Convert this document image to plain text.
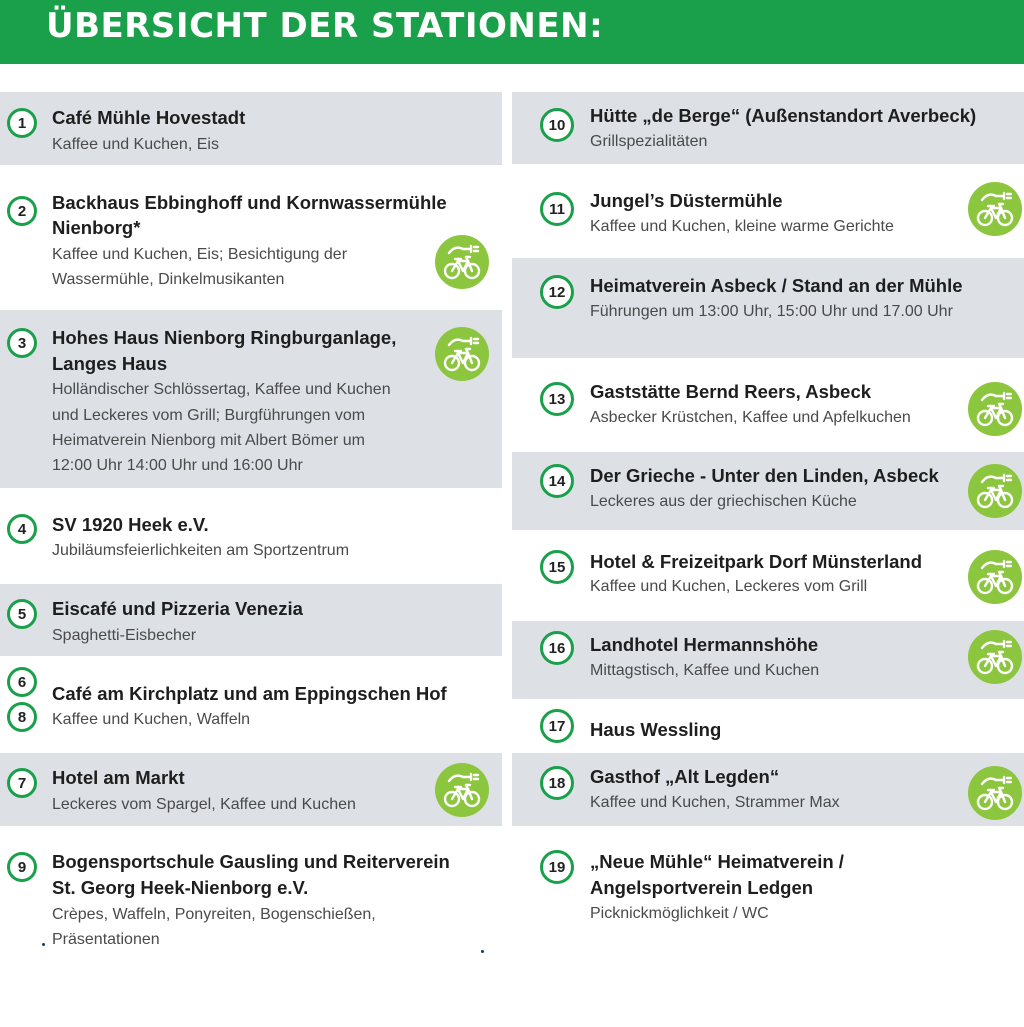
ÜBERSICHT DER STATIONEN:
1	Café Mühle Hovestadt
Kaffee und Kuchen, Eis
2	Backhaus Ebbinghoff und Kornwassermühle
Nienborg*
Kaffee und Kuchen, Eis; Besichtigung der
Wassermühle, Dinkelmusikanten
3	Hohes Haus Nienborg Ringburganlage,
Langes Haus
Holländischer Schlössertag, Kaffee und Kuchen
und Leckeres vom Grill; Burgführungen vom
Heimatverein Nienborg mit Albert Bömer um
12:00 Uhr 14:00 Uhr und 16:00 Uhr
4	SV 1920 Heek e.V.
Jubiläumsfeierlichkeiten am Sportzentrum
5	Eiscafé und Pizzeria Venezia
Spaghetti-Eisbecher
6
8
Café am Kirchplatz und am Eppingschen Hof
Kaffee und Kuchen, Waffeln
7	Hotel am Markt
Leckeres vom Spargel, Kaffee und Kuchen
9	Bogensportschule Gausling und Reiterverein
St. Georg Heek-Nienborg e.V.
Crèpes, Waffeln, Ponyreiten, Bogenschießen,
Präsentationen
10	Hütte „de Berge“ (Außenstandort Averbeck)
Grillspezialitäten
11	Jungel’s Düstermühle
Kaffee und Kuchen, kleine warme Gerichte
12	Heimatverein Asbeck / Stand an der Mühle
Führungen um 13:00 Uhr, 15:00 Uhr und 17.00 Uhr
13	Gaststätte Bernd Reers, Asbeck
Asbecker Krüstchen, Kaffee und Apfelkuchen
14	Der Grieche - Unter den Linden, Asbeck
Leckeres aus der griechischen Küche
15	Hotel & Freizeitpark Dorf Münsterland
Kaffee und Kuchen, Leckeres vom Grill
16	Landhotel Hermannshöhe
Mittagstisch, Kaffee und Kuchen
17	Haus Wessling
18	Gasthof „Alt Legden“
Kaffee und Kuchen, Strammer Max
19	„Neue Mühle“ Heimatverein /
Angelsportverein Ledgen
Picknickmöglichkeit / WC
